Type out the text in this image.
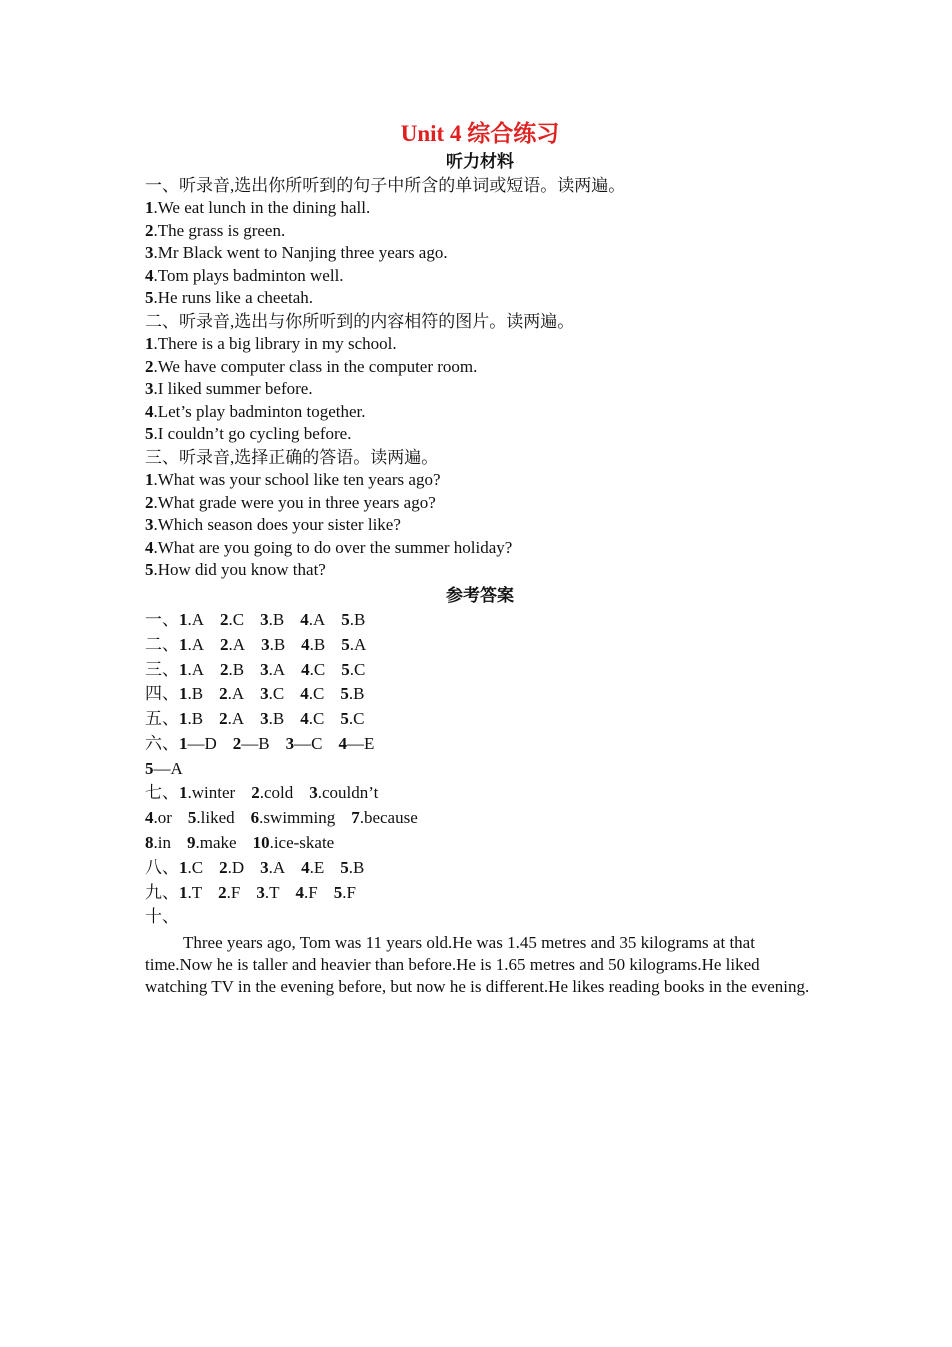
Unit 4 综合练习
听力材料
一、听录音,选出你所听到的句子中所含的单词或短语。读两遍。
1.We eat lunch in the dining hall.
2.The grass is green.
3.Mr Black went to Nanjing three years ago.
4.Tom plays badminton well.
5.He runs like a cheetah.
二、听录音,选出与你所听到的内容相符的图片。读两遍。
1.There is a big library in my school.
2.We have computer class in the computer room.
3.I liked summer before.
4.Let’s play badminton together.
5.I couldn’t go cycling before.
三、听录音,选择正确的答语。读两遍。
1.What was your school like ten years ago?
2.What grade were you in three years ago?
3.Which season does your sister like?
4.What are you going to do over the summer holiday?
5.How did you know that?
参考答案
一、1.A 2.C 3.B 4.A 5.B
二、1.A 2.A 3.B 4.B 5.A
三、1.A 2.B 3.A 4.C 5.C
四、1.B 2.A 3.C 4.C 5.B
五、1.B 2.A 3.B 4.C 5.C
六、1—D 2—B 3—C 4—E
5—A
七、1.winter 2.cold 3.couldn’t
4.or 5.liked 6.swimming 7.because
8.in 9.make 10.ice-skate
八、1.C 2.D 3.A 4.E 5.B
九、1.T 2.F 3.T 4.F 5.F
十、
Three years ago, Tom was 11 years old.He was 1.45 metres and 35 kilograms at that time.Now he is taller and heavier than before.He is 1.65 metres and 50 kilograms.He liked watching TV in the evening before, but now he is different.He likes reading books in the evening.
